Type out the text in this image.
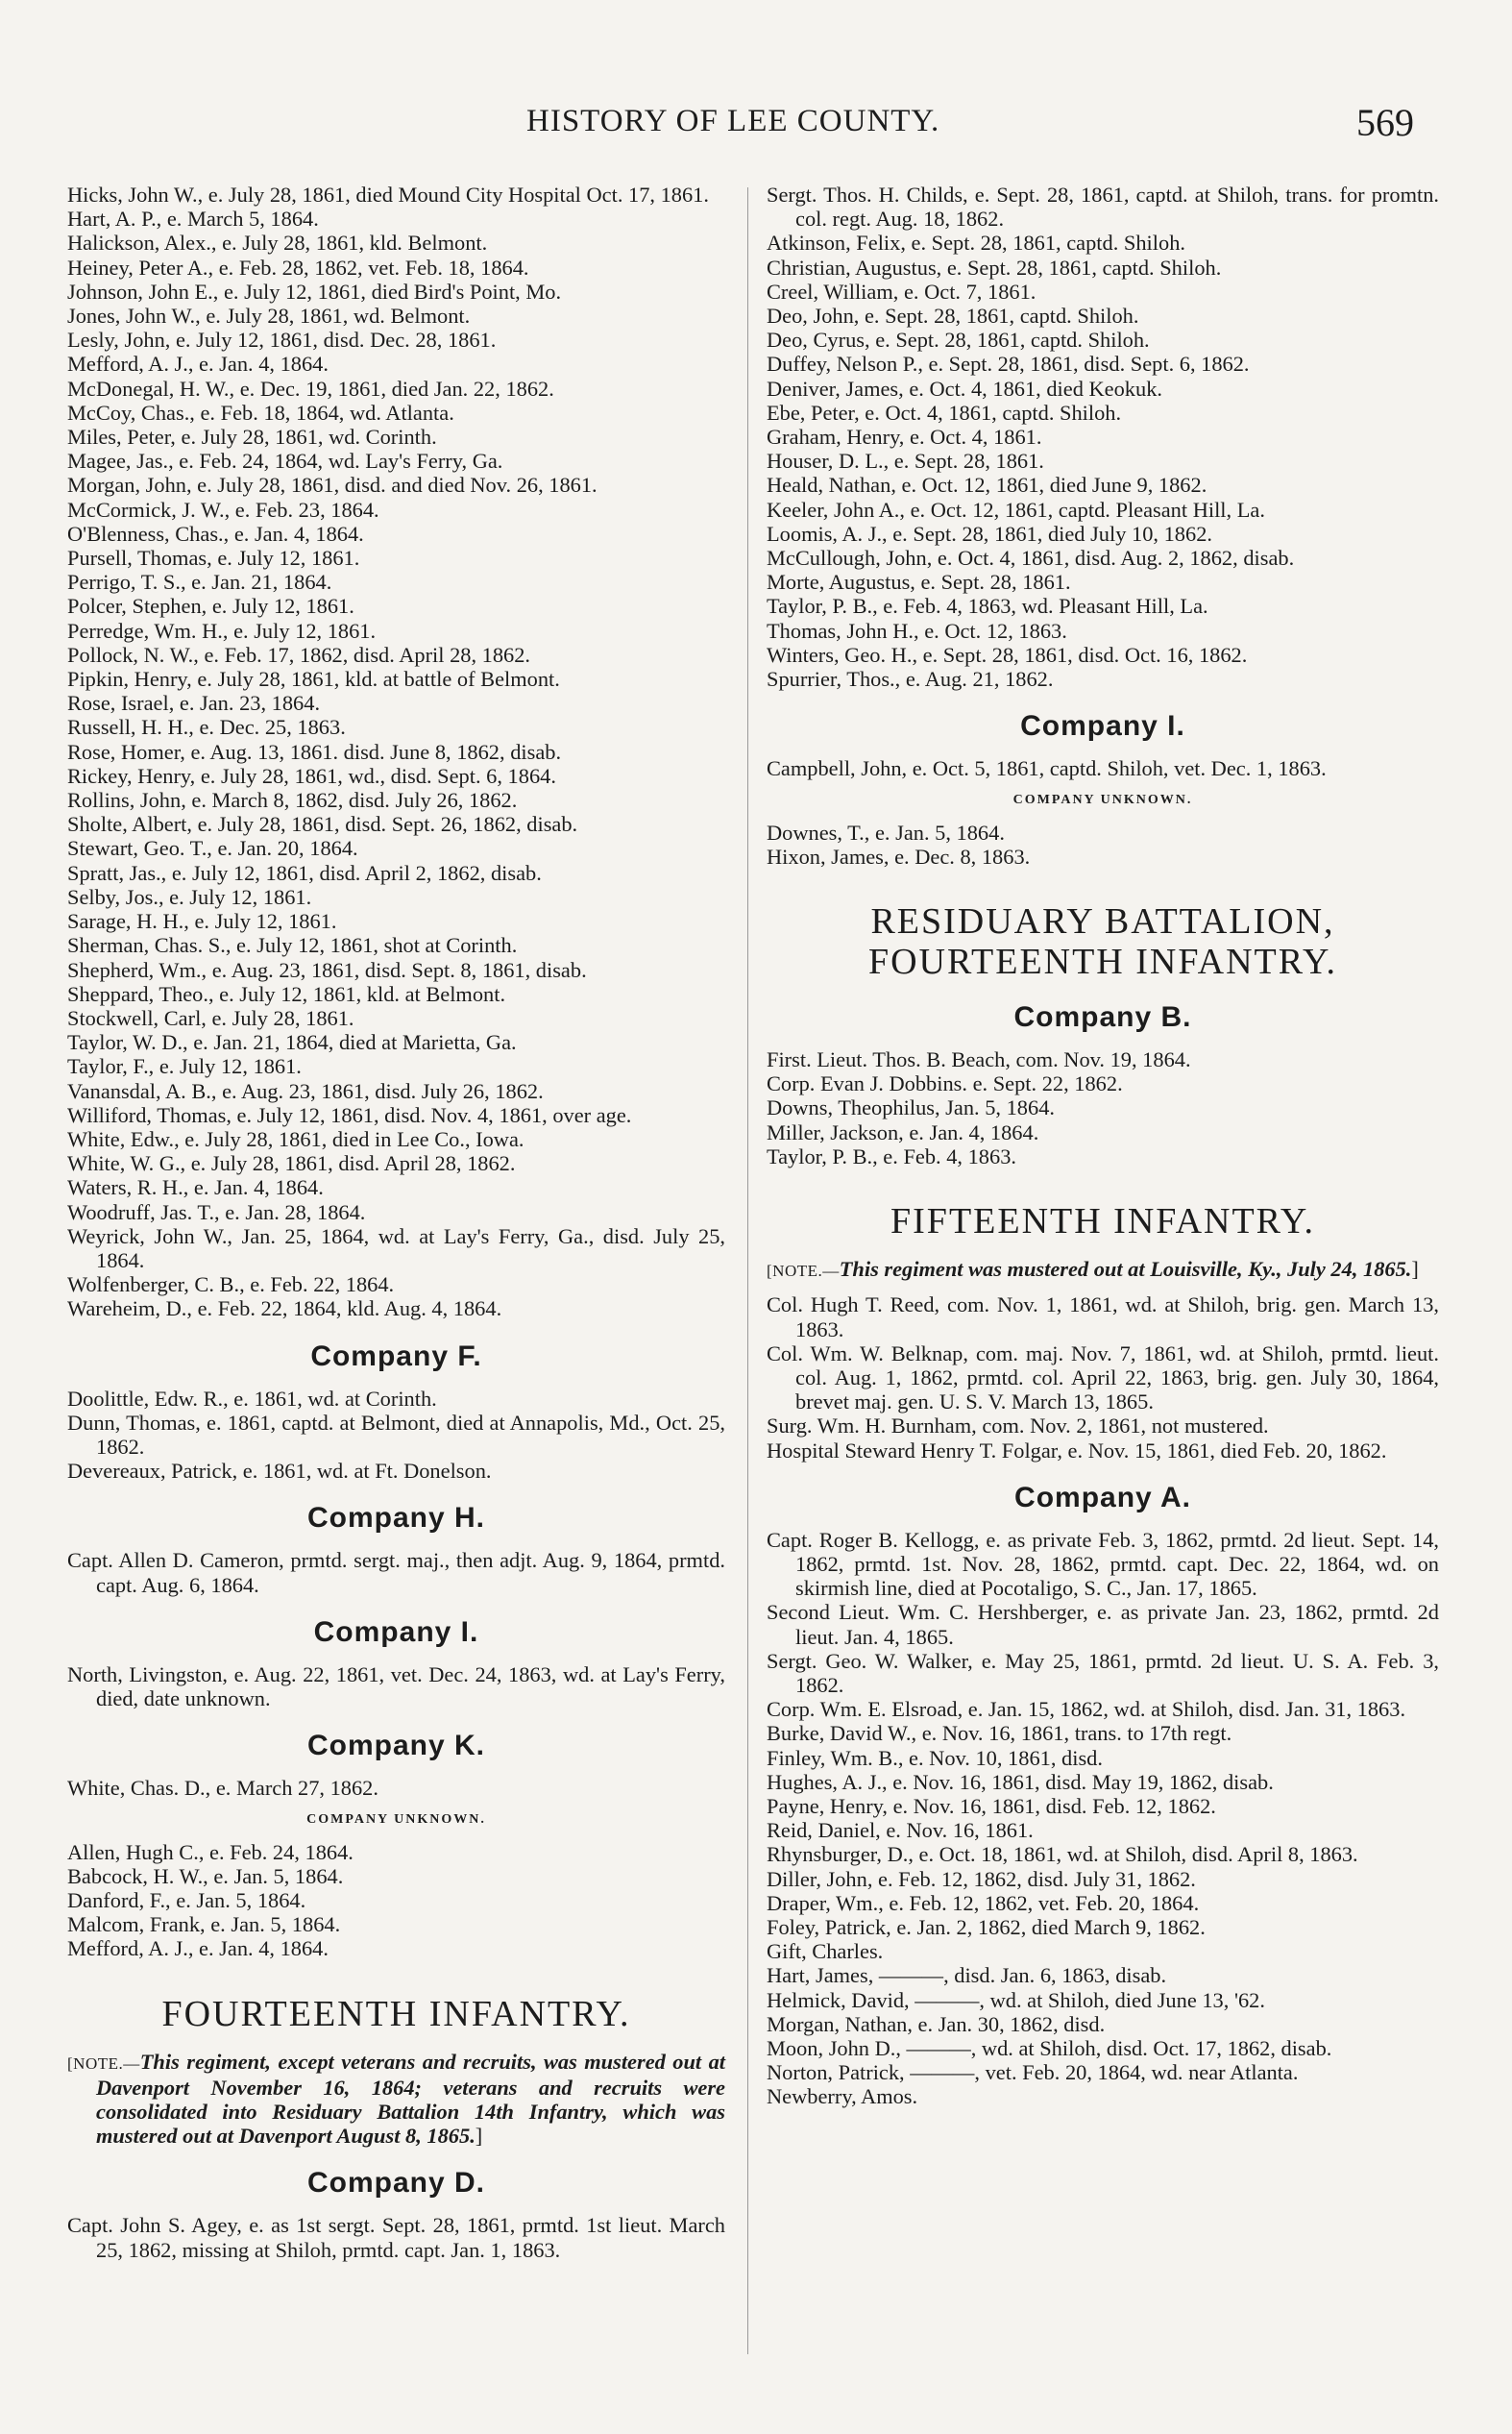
HISTORY OF LEE COUNTY.	569

Hicks, John W., e. July 28, 1861, died Mound City Hospital Oct. 17, 1861.

Hart, A. P., e. March 5, 1864.

Halickson, Alex., e. July 28, 1861, kld. Belmont.

Heiney, Peter A., e. Feb. 28, 1862, vet. Feb. 18, 1864.

Johnson, John E., e. July 12, 1861, died Bird's Point, Mo.

Jones, John W., e. July 28, 1861, wd. Belmont.

Lesly, John, e. July 12, 1861, disd. Dec. 28, 1861.

Mefford, A. J., e. Jan. 4, 1864.

McDonegal, H. W., e. Dec. 19, 1861, died Jan. 22, 1862.

McCoy, Chas., e. Feb. 18, 1864, wd. Atlanta.

Miles, Peter, e. July 28, 1861, wd. Corinth.

Magee, Jas., e. Feb. 24, 1864, wd. Lay's Ferry, Ga.

Morgan, John, e. July 28, 1861, disd. and died Nov. 26, 1861.

McCormick, J. W., e. Feb. 23, 1864.

O'Blenness, Chas., e. Jan. 4, 1864.

Pursell, Thomas, e. July 12, 1861.

Perrigo, T. S., e. Jan. 21, 1864.

Polcer, Stephen, e. July 12, 1861.

Perredge, Wm. H., e. July 12, 1861.

Pollock, N. W., e. Feb. 17, 1862, disd. April 28, 1862.

Pipkin, Henry, e. July 28, 1861, kld. at battle of Belmont.

Rose, Israel, e. Jan. 23, 1864.

Russell, H. H., e. Dec. 25, 1863.

Rose, Homer, e. Aug. 13, 1861. disd. June 8, 1862, disab.

Rickey, Henry, e. July 28, 1861, wd., disd. Sept. 6, 1864.

Rollins, John, e. March 8, 1862, disd. July 26, 1862.

Sholte, Albert, e. July 28, 1861, disd. Sept. 26, 1862, disab.

Stewart, Geo. T., e. Jan. 20, 1864.

Spratt, Jas., e. July 12, 1861, disd. April 2, 1862, disab.

Selby, Jos., e. July 12, 1861.

Sarage, H. H., e. July 12, 1861.

Sherman, Chas. S., e. July 12, 1861, shot at Corinth.

Shepherd, Wm., e. Aug. 23, 1861, disd. Sept. 8, 1861, disab.

Sheppard, Theo., e. July 12, 1861, kld. at Belmont.

Stockwell, Carl, e. July 28, 1861.

Taylor, W. D., e. Jan. 21, 1864, died at Marietta, Ga.

Taylor, F., e. July 12, 1861.

Vanansdal, A. B., e. Aug. 23, 1861, disd. July 26, 1862.

Williford, Thomas, e. July 12, 1861, disd. Nov. 4, 1861, over age.

White, Edw., e. July 28, 1861, died in Lee Co., Iowa.

White, W. G., e. July 28, 1861, disd. April 28, 1862.

Waters, R. H., e. Jan. 4, 1864.

Woodruff, Jas. T., e. Jan. 28, 1864.

Weyrick, John W., Jan. 25, 1864, wd. at Lay's Ferry, Ga., disd. July 25, 1864.

Wolfenberger, C. B., e. Feb. 22, 1864.

Wareheim, D., e. Feb. 22, 1864, kld. Aug. 4, 1864.

Company F.

Doolittle, Edw. R., e. 1861, wd. at Corinth.

Dunn, Thomas, e. 1861, captd. at Belmont, died at Annapolis, Md., Oct. 25, 1862.

Devereaux, Patrick, e. 1861, wd. at Ft. Donelson.

Company H.

Capt. Allen D. Cameron, prmtd. sergt. maj., then adjt. Aug. 9, 1864, prmtd. capt. Aug. 6, 1864.

Company I.

North, Livingston, e. Aug. 22, 1861, vet. Dec. 24, 1863, wd. at Lay's Ferry, died, date unknown.

Company K.

White, Chas. D., e. March 27, 1862.

COMPANY UNKNOWN.

Allen, Hugh C., e. Feb. 24, 1864.

Babcock, H. W., e. Jan. 5, 1864.

Danford, F., e. Jan. 5, 1864.

Malcom, Frank, e. Jan. 5, 1864.

Mefford, A. J., e. Jan. 4, 1864.

FOURTEENTH INFANTRY.

[NOTE.—This regiment, except veterans and recruits, was mustered out at Davenport November 16, 1864; veterans and recruits were consolidated into Residuary Battalion 14th Infantry, which was mustered out at Davenport August 8, 1865.]

Company D.

Capt. John S. Agey, e. as 1st sergt. Sept. 28, 1861, prmtd. 1st lieut. March 25, 1862, missing at Shiloh, prmtd. capt. Jan. 1, 1863.

Sergt. Thos. H. Childs, e. Sept. 28, 1861, captd. at Shiloh, trans. for promtn. col. regt. Aug. 18, 1862.

Atkinson, Felix, e. Sept. 28, 1861, captd. Shiloh.

Christian, Augustus, e. Sept. 28, 1861, captd. Shiloh.

Creel, William, e. Oct. 7, 1861.

Deo, John, e. Sept. 28, 1861, captd. Shiloh.

Deo, Cyrus, e. Sept. 28, 1861, captd. Shiloh.

Duffey, Nelson P., e. Sept. 28, 1861, disd. Sept. 6, 1862.

Deniver, James, e. Oct. 4, 1861, died Keokuk.

Ebe, Peter, e. Oct. 4, 1861, captd. Shiloh.

Graham, Henry, e. Oct. 4, 1861.

Houser, D. L., e. Sept. 28, 1861.

Heald, Nathan, e. Oct. 12, 1861, died June 9, 1862.

Keeler, John A., e. Oct. 12, 1861, captd. Pleasant Hill, La.

Loomis, A. J., e. Sept. 28, 1861, died July 10, 1862.

McCullough, John, e. Oct. 4, 1861, disd. Aug. 2, 1862, disab.

Morte, Augustus, e. Sept. 28, 1861.

Taylor, P. B., e. Feb. 4, 1863, wd. Pleasant Hill, La.

Thomas, John H., e. Oct. 12, 1863.

Winters, Geo. H., e. Sept. 28, 1861, disd. Oct. 16, 1862.

Spurrier, Thos., e. Aug. 21, 1862.

Company I.

Campbell, John, e. Oct. 5, 1861, captd. Shiloh, vet. Dec. 1, 1863.

COMPANY UNKNOWN.

Downes, T., e. Jan. 5, 1864.

Hixon, James, e. Dec. 8, 1863.

RESIDUARY BATTALION, FOURTEENTH INFANTRY.
Company B.

First. Lieut. Thos. B. Beach, com. Nov. 19, 1864.

Corp. Evan J. Dobbins. e. Sept. 22, 1862.

Downs, Theophilus, Jan. 5, 1864.

Miller, Jackson, e. Jan. 4, 1864.

Taylor, P. B., e. Feb. 4, 1863.

FIFTEENTH INFANTRY.

[NOTE.—This regiment was mustered out at Louisville, Ky., July 24, 1865.]

Col. Hugh T. Reed, com. Nov. 1, 1861, wd. at Shiloh, brig. gen. March 13, 1863.

Col. Wm. W. Belknap, com. maj. Nov. 7, 1861, wd. at Shiloh, prmtd. lieut. col. Aug. 1, 1862, prmtd. col. April 22, 1863, brig. gen. July 30, 1864, brevet maj. gen. U. S. V. March 13, 1865.

Surg. Wm. H. Burnham, com. Nov. 2, 1861, not mustered.

Hospital Steward Henry T. Folgar, e. Nov. 15, 1861, died Feb. 20, 1862.

Company A.

Capt. Roger B. Kellogg, e. as private Feb. 3, 1862, prmtd. 2d lieut. Sept. 14, 1862, prmtd. 1st. Nov. 28, 1862, prmtd. capt. Dec. 22, 1864, wd. on skirmish line, died at Pocotaligo, S. C., Jan. 17, 1865.

Second Lieut. Wm. C. Hershberger, e. as private Jan. 23, 1862, prmtd. 2d lieut. Jan. 4, 1865.

Sergt. Geo. W. Walker, e. May 25, 1861, prmtd. 2d lieut. U. S. A. Feb. 3, 1862.

Corp. Wm. E. Elsroad, e. Jan. 15, 1862, wd. at Shiloh, disd. Jan. 31, 1863.

Burke, David W., e. Nov. 16, 1861, trans. to 17th regt.

Finley, Wm. B., e. Nov. 10, 1861, disd.

Hughes, A. J., e. Nov. 16, 1861, disd. May 19, 1862, disab.

Payne, Henry, e. Nov. 16, 1861, disd. Feb. 12, 1862.

Reid, Daniel, e. Nov. 16, 1861.

Rhynsburger, D., e. Oct. 18, 1861, wd. at Shiloh, disd. April 8, 1863.

Diller, John, e. Feb. 12, 1862, disd. July 31, 1862.

Draper, Wm., e. Feb. 12, 1862, vet. Feb. 20, 1864.

Foley, Patrick, e. Jan. 2, 1862, died March 9, 1862.

Gift, Charles.

Hart, James, ———, disd. Jan. 6, 1863, disab.

Helmick, David, ———, wd. at Shiloh, died June 13, '62.

Morgan, Nathan, e. Jan. 30, 1862, disd.

Moon, John D., ———, wd. at Shiloh, disd. Oct. 17, 1862, disab.

Norton, Patrick, ———, vet. Feb. 20, 1864, wd. near Atlanta.

Newberry, Amos.
